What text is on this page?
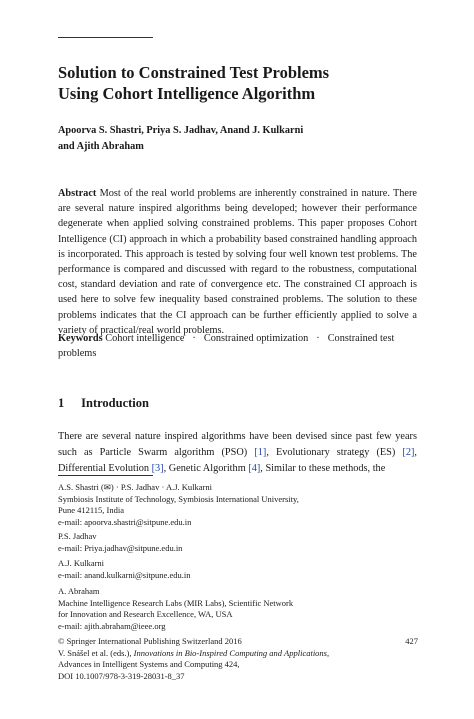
Solution to Constrained Test Problems
Using Cohort Intelligence Algorithm
Apoorva S. Shastri, Priya S. Jadhav, Anand J. Kulkarni
and Ajith Abraham
Abstract Most of the real world problems are inherently constrained in nature. There are several nature inspired algorithms being developed; however their performance degenerate when applied solving constrained problems. This paper proposes Cohort Intelligence (CI) approach in which a probability based constrained handling approach is incorporated. This approach is tested by solving four well known test problems. The performance is compared and discussed with regard to the robustness, computational cost, standard deviation and rate of convergence etc. The constrained CI approach is used here to solve few inequality based constrained problems. The solution to these problems indicates that the CI approach can be further efficiently applied to solve a variety of practical/real world problems.
Keywords Cohort intelligence · Constrained optimization · Constrained test problems
1 Introduction
There are several nature inspired algorithms have been devised since past few years such as Particle Swarm algorithm (PSO) [1], Evolutionary strategy (ES) [2], Differential Evolution [3], Genetic Algorithm [4], Similar to these methods, the
A.S. Shastri (✉) · P.S. Jadhav · A.J. Kulkarni
Symbiosis Institute of Technology, Symbiosis International University,
Pune 412115, India
e-mail: apoorva.shastri@sitpune.edu.in
P.S. Jadhav
e-mail: Priya.jadhav@sitpune.edu.in
A.J. Kulkarni
e-mail: anand.kulkarni@sitpune.edu.in
A. Abraham
Machine Intelligence Research Labs (MIR Labs), Scientific Network
for Innovation and Research Excellence, WA, USA
e-mail: ajith.abraham@ieee.org
427
© Springer International Publishing Switzerland 2016
V. Snášel et al. (eds.), Innovations in Bio-Inspired Computing and Applications,
Advances in Intelligent Systems and Computing 424,
DOI 10.1007/978-3-319-28031-8_37
